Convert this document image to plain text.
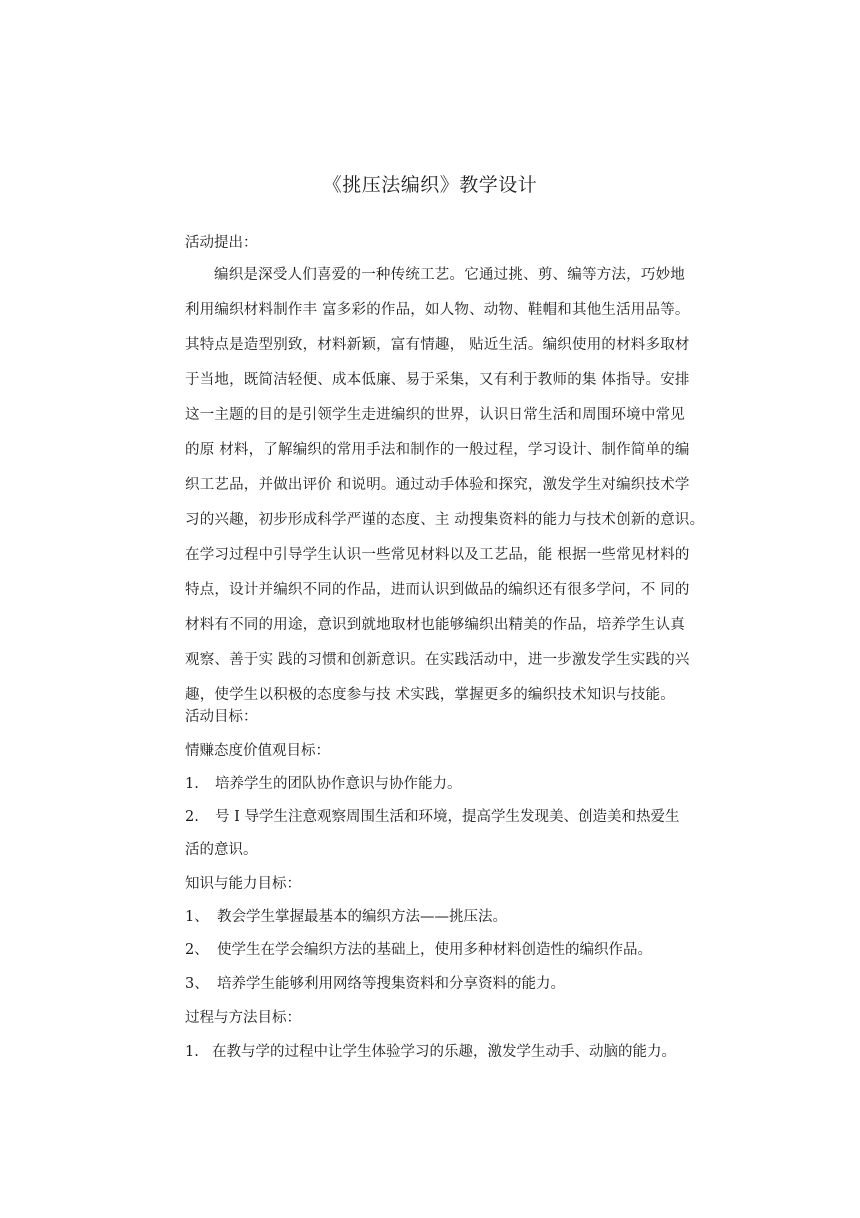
《挑压法编织》教学设计
活动提出：
编织是深受人们喜爱的一种传统工艺。它通过挑、剪、编等方法，巧妙地
利用编织材料制作丰 富多彩的作品，如人物、动物、鞋帽和其他生活用品等。
其特点是造型别致，材料新颖，富有情趣， 贴近生活。编织使用的材料多取材
于当地，既简洁轻便、成本低廉、易于采集，又有利于教师的集 体指导。安排
这一主题的目的是引领学生走进编织的世界，认识日常生活和周围环境中常见
的原 材料，了解编织的常用手法和制作的一般过程，学习设计、制作简单的编
织工艺品，并做出评价 和说明。通过动手体验和探究，激发学生对编织技术学
习的兴趣，初步形成科学严谨的态度、主 动搜集资料的能力与技术创新的意识。
在学习过程中引导学生认识一些常见材料以及工艺品，能 根据一些常见材料的
特点，设计并编织不同的作品，进而认识到做品的编织还有很多学问，不 同的
材料有不同的用途，意识到就地取材也能够编织出精美的作品，培养学生认真
观察、善于实 践的习惯和创新意识。在实践活动中，进一步激发学生实践的兴
趣，使学生以积极的态度参与技 术实践，掌握更多的编织技术知识与技能。
活动目标：
情赚态度价值观目标：
1. 培养学生的团队协作意识与协作能力。
2. 号 I 导学生注意观察周围生活和环境，提高学生发现美、创造美和热爱生
活的意识。
知识与能力目标：
1、 教会学生掌握最基本的编织方法——挑压法。
2、 使学生在学会编织方法的基础上，使用多种材料创造性的编织作品。
3、 培养学生能够利用网络等搜集资料和分享资料的能力。
过程与方法目标：
1. 在教与学的过程中让学生体验学习的乐趣，激发学生动手、动脑的能力。
